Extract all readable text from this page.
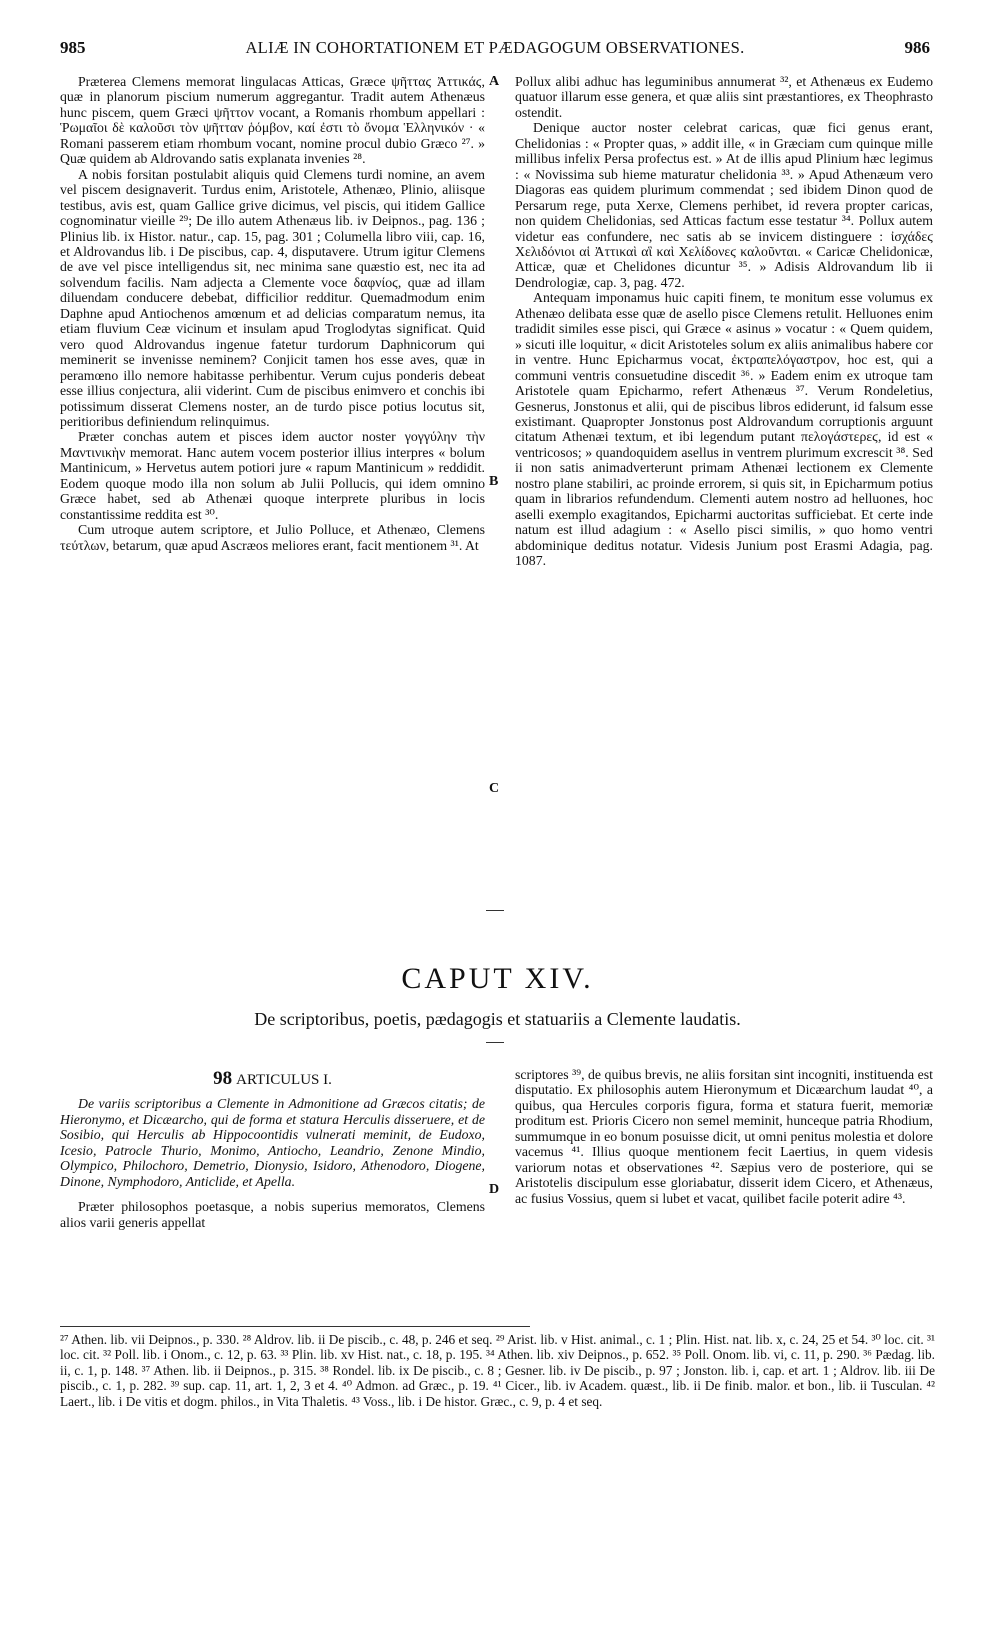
985	ALIÆ IN COHORTATIONEM ET PÆDAGOGUM OBSERVATIONES.	986

Præterea Clemens memorat lingulacas Atticas, Græce ψῆτταϛ Ἀττικάϛ, quæ in planorum piscium numerum aggregantur. Tradit autem Athenæus hunc piscem, quem Græci ψῆττον vocant, a Romanis rhombum appellari : Ῥωμαῖοι δὲ καλοῦσι τὸν ψῆτταν ῥόμβον, καί ἐστι τὸ ὄνομα Ἑλληνικόν · « Romani passerem etiam rhombum vocant, nomine procul dubio Græco ²⁷. » Quæ quidem ab Aldrovando satis explanata invenies ²⁸.

A nobis forsitan postulabit aliquis quid Clemens turdi nomine, an avem vel piscem designaverit. Turdus enim, Aristotele, Athenæo, Plinio, aliisque testibus, avis est, quam Gallice grive dicimus, vel piscis, qui itidem Gallice cognominatur vieille ²⁹; De illo autem Athenæus lib. iv Deipnos., pag. 136 ; Plinius lib. ix Histor. natur., cap. 15, pag. 301 ; Columella libro viii, cap. 16, et Aldrovandus lib. i De piscibus, cap. 4, disputavere. Utrum igitur Clemens de ave vel pisce intelligendus sit, nec minima sane quæstio est, nec ita ad solvendum facilis. Nam adjecta a Clemente voce δαφνίοϛ, quæ ad illam diluendam conducere debebat, difficilior redditur. Quemadmodum enim Daphne apud Antiochenos amœnum et ad delicias comparatum nemus, ita etiam fluvium Ceæ vicinum et insulam apud Troglodytas significat. Quid vero quod Aldrovandus ingenue fatetur turdorum Daphnicorum qui meminerit se invenisse neminem? Conjicit tamen hos esse aves, quæ in peramœno illo nemore habitasse perhibentur. Verum cujus ponderis debeat esse illius conjectura, alii viderint. Cum de piscibus enimvero et conchis ibi potissimum disserat Clemens noster, an de turdo pisce potius locutus sit, peritioribus definiendum relinquimus.

Præter conchas autem et pisces idem auctor noster γογγύλην τὴν Μαντινικὴν memorat. Hanc autem vocem posterior illius interpres « bolum Mantinicum, » Hervetus autem potiori jure « rapum Mantinicum » reddidit. Eodem quoque modo illa non solum ab Julii Pollucis, qui idem omnino Græce habet, sed ab Athenæi quoque interprete pluribus in locis constantissime reddita est ³⁰.

Cum utroque autem scriptore, et Julio Polluce, et Athenæo, Clemens τεύτλων, betarum, quæ apud Ascræos meliores erant, facit mentionem ³¹. At

A
B
C
D

Pollux alibi adhuc has leguminibus annumerat ³², et Athenæus ex Eudemo quatuor illarum esse genera, et quæ aliis sint præstantiores, ex Theophrasto ostendit.

Denique auctor noster celebrat caricas, quæ fici genus erant, Chelidonias : « Propter quas, » addit ille, « in Græciam cum quinque mille millibus infelix Persa profectus est. » At de illis apud Plinium hæc legimus : « Novissima sub hieme maturatur chelidonia ³³. » Apud Athenæum vero Diagoras eas quidem plurimum commendat ; sed ibidem Dinon quod de Persarum rege, puta Xerxe, Clemens perhibet, id revera propter caricas, non quidem Chelidonias, sed Atticas factum esse testatur ³⁴. Pollux autem videtur eas confundere, nec satis ab se invicem distinguere : ἰσχάδεϛ Χελιδόνιοι αἱ Ἀττικαὶ αἳ καὶ Χελίδονεϛ καλοῦνται. « Caricæ Chelidonicæ, Atticæ, quæ et Chelidones dicuntur ³⁵. » Adisis Aldrovandum lib ii Dendrologiæ, cap. 3, pag. 472.

Antequam imponamus huic capiti finem, te monitum esse volumus ex Athenæo delibata esse quæ de asello pisce Clemens retulit. Helluones enim tradidit similes esse pisci, qui Græce « asinus » vocatur : « Quem quidem, » sicuti ille loquitur, « dicit Aristoteles solum ex aliis animalibus habere cor in ventre. Hunc Epicharmus vocat, ἐκτραπελόγαστρον, hoc est, qui a communi ventris consuetudine discedit ³⁶. » Eadem enim ex utroque tam Aristotele quam Epicharmo, refert Athenæus ³⁷. Verum Rondeletius, Gesnerus, Jonstonus et alii, qui de piscibus libros ediderunt, id falsum esse existimant. Quapropter Jonstonus post Aldrovandum corruptionis arguunt citatum Athenæi textum, et ibi legendum putant πελογάστερεϛ, id est « ventricosos; » quandoquidem asellus in ventrem plurimum excrescit ³⁸. Sed ii non satis animadverterunt primam Athenæi lectionem ex Clemente nostro plane stabiliri, ac proinde errorem, si quis sit, in Epicharmum potius quam in librarios refundendum. Clementi autem nostro ad helluones, hoc aselli exemplo exagitandos, Epicharmi auctoritas sufficiebat. Et certe inde natum est illud adagium : « Asello pisci similis, » quo homo ventri abdominique deditus notatur. Videsis Junium post Erasmi Adagia, pag. 1087.

CAPUT XIV.
De scriptoribus, poetis, pædagogis et statuariis a Clemente laudatis.
98 ARTICULUS I.

De variis scriptoribus a Clemente in Admonitione ad Græcos citatis; de Hieronymo, et Dicæarcho, qui de forma et statura Herculis disseruere, et de Sosibio, qui Herculis ab Hippocoontidis vulnerati meminit, de Eudoxo, Icesio, Patrocle Thurio, Monimo, Antiocho, Leandrio, Zenone Mindio, Olympico, Philochoro, Demetrio, Dionysio, Isidoro, Athenodoro, Diogene, Dinone, Nymphodoro, Anticlide, et Apella.

Præter philosophos poetasque, a nobis superius memoratos, Clemens alios varii generis appellat

scriptores ³⁹, de quibus brevis, ne aliis forsitan sint incogniti, instituenda est disputatio. Ex philosophis autem Hieronymum et Dicæarchum laudat ⁴⁰, a quibus, qua Hercules corporis figura, forma et statura fuerit, memoriæ proditum est. Prioris Cicero non semel meminit, hunceque patria Rhodium, summumque in eo bonum posuisse dicit, ut omni penitus molestia et dolore vacemus ⁴¹. Illius quoque mentionem fecit Laertius, in quem videsis variorum notas et observationes ⁴². Sæpius vero de posteriore, qui se Aristotelis discipulum esse gloriabatur, disserit idem Cicero, et Athenæus, ac fusius Vossius, quem si lubet et vacat, quilibet facile poterit adire ⁴³.

²⁷ Athen. lib. vii Deipnos., p. 330. ²⁸ Aldrov. lib. ii De piscib., c. 48, p. 246 et seq. ²⁹ Arist. lib. v Hist. animal., c. 1 ; Plin. Hist. nat. lib. x, c. 24, 25 et 54. ³⁰ loc. cit. ³¹ loc. cit. ³² Poll. lib. i Onom., c. 12, p. 63. ³³ Plin. lib. xv Hist. nat., c. 18, p. 195. ³⁴ Athen. lib. xiv Deipnos., p. 652. ³⁵ Poll. Onom. lib. vi, c. 11, p. 290. ³⁶ Pædag. lib. ii, c. 1, p. 148. ³⁷ Athen. lib. ii Deipnos., p. 315. ³⁸ Rondel. lib. ix De piscib., c. 8 ; Gesner. lib. iv De piscib., p. 97 ; Jonston. lib. i, cap. et art. 1 ; Aldrov. lib. iii De piscib., c. 1, p. 282. ³⁹ sup. cap. 11, art. 1, 2, 3 et 4. ⁴⁰ Admon. ad Græc., p. 19. ⁴¹ Cicer., lib. iv Academ. quæst., lib. ii De finib. malor. et bon., lib. ii Tusculan. ⁴² Laert., lib. i De vitis et dogm. philos., in Vita Thaletis. ⁴³ Voss., lib. i De histor. Græc., c. 9, p. 4 et seq.
